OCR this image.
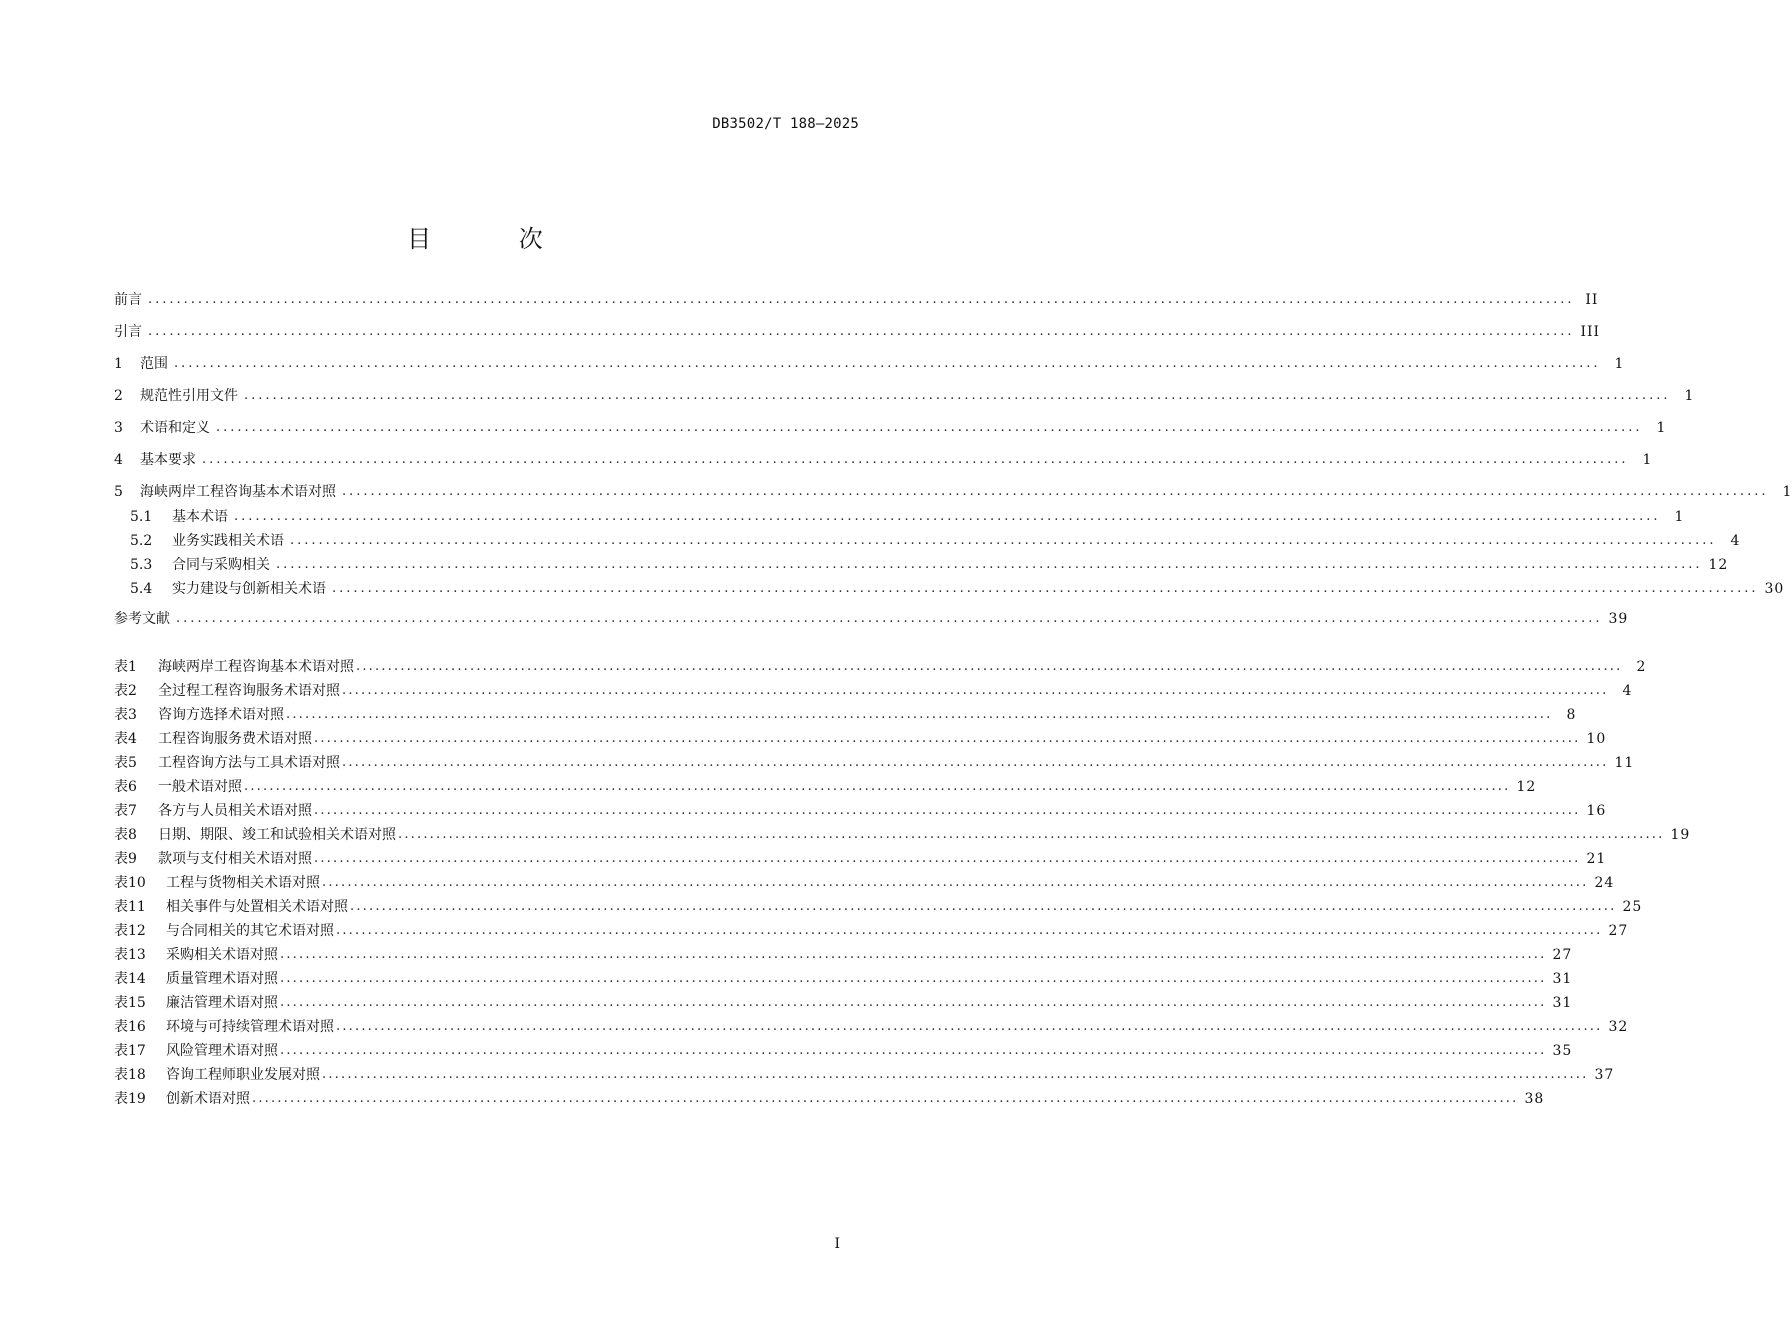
DB3502/T 188—2025
目 次
前言 ........................................................................................................................................................................................................ II
引言 ........................................................................................................................................................................................................ III
1 范围 ........................................................................................................................................................................................................	1
2 规范性引用文件 ........................................................................................................................................................................................................	1
3 术语和定义 ........................................................................................................................................................................................................	1
4 基本要求 ........................................................................................................................................................................................................	1
5 海峡两岸工程咨询基本术语对照 ........................................................................................................................................................................................................	1
5.1 基本术语 ........................................................................................................................................................................................................	1
5.2 业务实践相关术语 ........................................................................................................................................................................................................	4
5.3 合同与采购相关 ........................................................................................................................................................................................................ 12
5.4 实力建设与创新相关术语 ........................................................................................................................................................................................................ 30
参考文献 ........................................................................................................................................................................................................ 39
表1 海峡两岸工程咨询基本术语对照 ........................................................................................................................................................................................................	2
表2 全过程工程咨询服务术语对照 ........................................................................................................................................................................................................	4
表3 咨询方选择术语对照 ........................................................................................................................................................................................................	8
表4 工程咨询服务费术语对照 ........................................................................................................................................................................................................ 10
表5 工程咨询方法与工具术语对照 ........................................................................................................................................................................................................ 11
表6 一般术语对照 ........................................................................................................................................................................................................ 12
表7 各方与人员相关术语对照 ........................................................................................................................................................................................................ 16
表8 日期、期限、竣工和试验相关术语对照 ........................................................................................................................................................................................................ 19
表9 款项与支付相关术语对照 ........................................................................................................................................................................................................ 21
表10 工程与货物相关术语对照 ........................................................................................................................................................................................................ 24
表11 相关事件与处置相关术语对照 ........................................................................................................................................................................................................ 25
表12 与合同相关的其它术语对照 ........................................................................................................................................................................................................ 27
表13 采购相关术语对照 ........................................................................................................................................................................................................ 27
表14 质量管理术语对照 ........................................................................................................................................................................................................ 31
表15 廉洁管理术语对照 ........................................................................................................................................................................................................ 31
表16 环境与可持续管理术语对照 ........................................................................................................................................................................................................ 32
表17 风险管理术语对照 ........................................................................................................................................................................................................ 35
表18 咨询工程师职业发展对照 ........................................................................................................................................................................................................ 37
表19 创新术语对照 ........................................................................................................................................................................................................ 38
I
